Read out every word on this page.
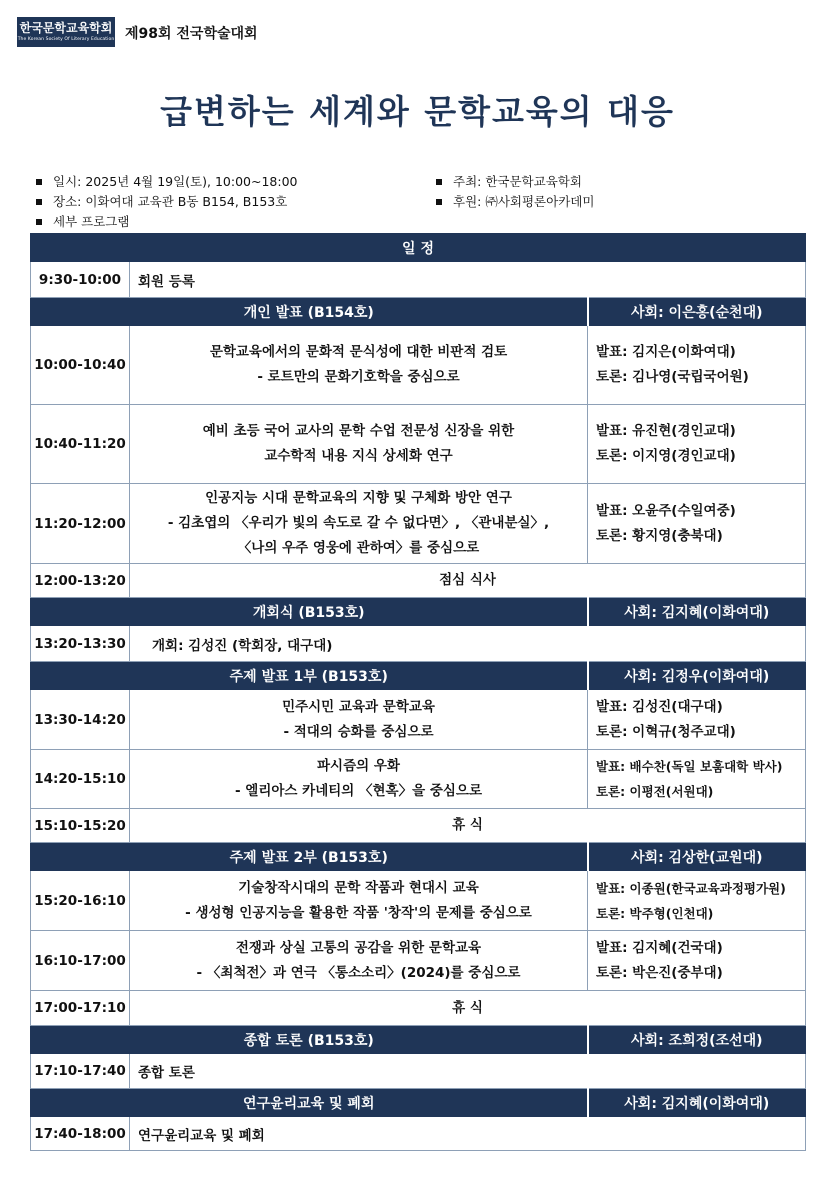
한국문학교육학회
The Korean Society Of Literary Education 제98회 전국학술대회
급변하는 세계와 문학교육의 대응
일시: 2025년 4월 19일(토), 10:00~18:00
장소: 이화여대 교육관 B동 B154, B153호
세부 프로그램
주최: 한국문학교육학회
후원: ㈜사회평론아카데미
일 정		
9:30-10:00	회원 등록	
개인 발표 (B154호)		사회: 이은홍(순천대)
10:00-10:40	문학교육에서의 문화적 문식성에 대한 비판적 검토
- 로트만의 문화기호학을 중심으로	발표: 김지은(이화여대)
토론: 김나영(국립국어원)

10:40-11:20	예비 초등 국어 교사의 문학 수업 전문성 신장을 위한
교수학적 내용 지식 상세화 연구	발표: 유진현(경인교대)
토론: 이지영(경인교대)

11:20-12:00	인공지능 시대 문학교육의 지향 및 구체화 방안 연구
- 김초엽의 〈우리가 빛의 속도로 갈 수 없다면〉, 〈관내분실〉,
〈나의 우주 영웅에 관하여〉를 중심으로	발표: 오윤주(수일여중)
토론: 황지영(충북대)

12:00-13:20	점심 식사	
개회식 (B153호)		사회: 김지혜(이화여대)
13:20-13:30	개회: 김성진 (학회장, 대구대)	
주제 발표 1부 (B153호)		사회: 김정우(이화여대)
13:30-14:20	민주시민 교육과 문학교육
- 적대의 승화를 중심으로	발표: 김성진(대구대)
토론: 이혁규(청주교대)

14:20-15:10	파시즘의 우화
- 엘리아스 카네티의 〈현혹〉을 중심으로	발표: 배수찬(독일 보훔대학 박사)
토론: 이평전(서원대)

15:10-15:20	휴 식	
주제 발표 2부 (B153호)		사회: 김상한(교원대)
15:20-16:10	기술창작시대의 문학 작품과 현대시 교육
- 생성형 인공지능을 활용한 작품 '창작'의 문제를 중심으로	발표: 이종원(한국교육과정평가원)
토론: 박주형(인천대)

16:10-17:00	전쟁과 상실 고통의 공감을 위한 문학교육
- 〈최척전〉과 연극 〈통소소리〉(2024)를 중심으로	발표: 김지혜(건국대)
토론: 박은진(중부대)

17:00-17:10	휴 식	
종합 토론 (B153호)		사회: 조희정(조선대)
17:10-17:40	종합 토론	
연구윤리교육 및 폐회		사회: 김지혜(이화여대)
17:40-18:00	연구윤리교육 및 폐회	
